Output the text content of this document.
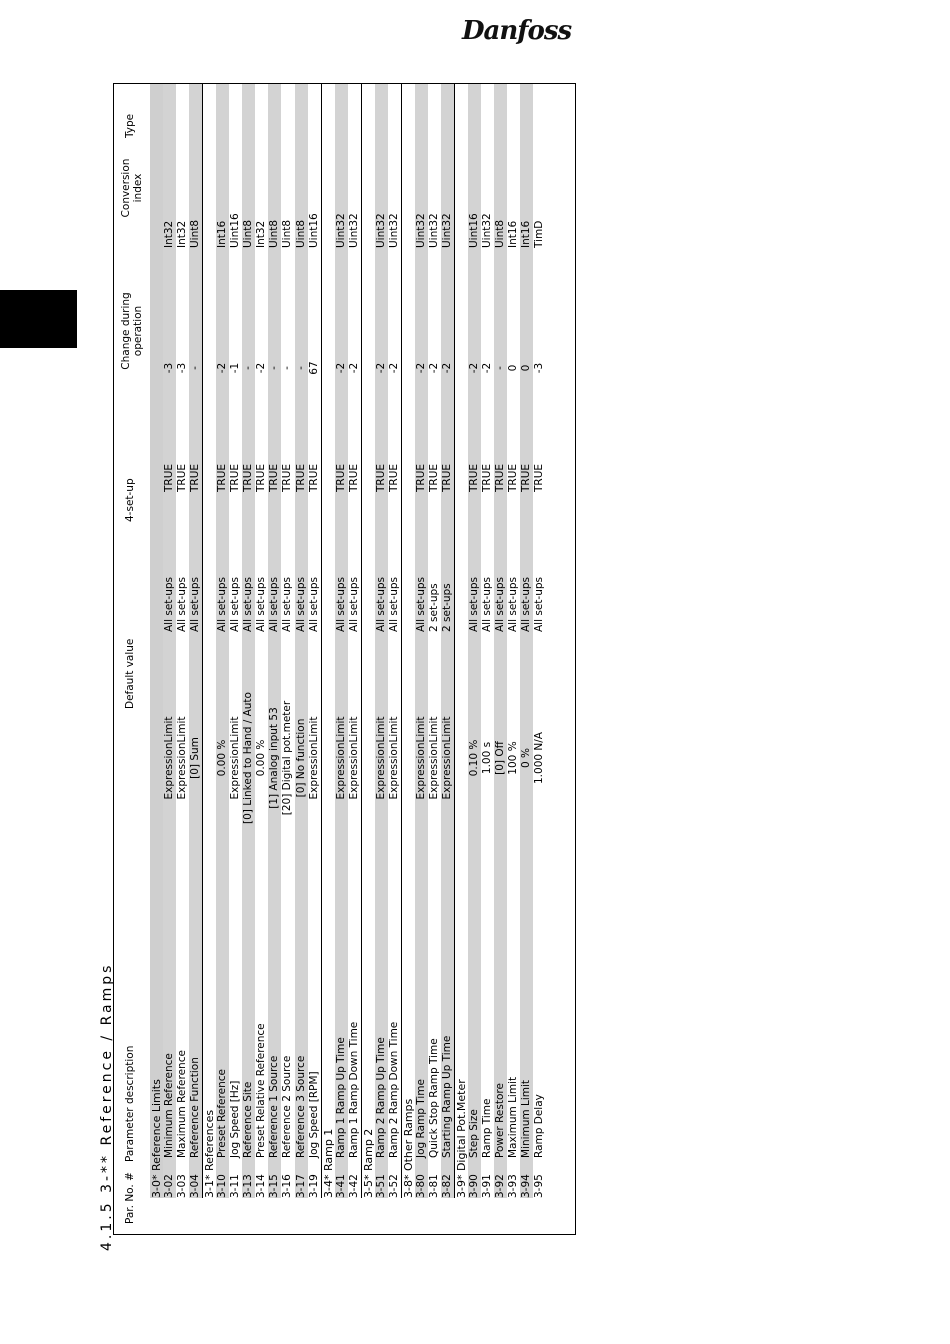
Danfoss
4.1.5 3-** Reference / Ramps Par. No. #
Parameter description
Default value
4-set-up
Change during operation
Conversion index
Type
3-0* Reference Limits 3-02
Minimum Reference
ExpressionLimit
All set-ups
TRUE
-3
Int32
3-03
Maximum Reference
ExpressionLimit
All set-ups
TRUE
-3
Int32
3-04
Reference Function
[0] Sum
All set-ups
TRUE
-
Uint8
3-1* References 3-10
Preset Reference
0.00 %
All set-ups
TRUE
-2
Int16
3-11
Jog Speed [Hz]
ExpressionLimit
All set-ups
TRUE
-1
Uint16
3-13
Reference Site
[0] Linked to Hand / Auto
All set-ups
TRUE
-
Uint8
3-14
Preset Relative Reference
0.00 %
All set-ups
TRUE
-2
Int32
3-15
Reference 1 Source
[1] Analog input 53
All set-ups
TRUE
-
Uint8
3-16
Reference 2 Source
[20] Digital pot.meter
All set-ups
TRUE
-
Uint8
3-17
Reference 3 Source
[0] No function
All set-ups
TRUE
-
Uint8
3-19
Jog Speed [RPM]
ExpressionLimit
All set-ups
TRUE
67
Uint16
3-4* Ramp 1 3-41
Ramp 1 Ramp Up Time
ExpressionLimit
All set-ups
TRUE
-2
Uint32
3-42
Ramp 1 Ramp Down Time
ExpressionLimit
All set-ups
TRUE
-2
Uint32
3-5* Ramp 2 3-51
Ramp 2 Ramp Up Time
ExpressionLimit
All set-ups
TRUE
-2
Uint32
3-52
Ramp 2 Ramp Down Time
ExpressionLimit
All set-ups
TRUE
-2
Uint32
3-8* Other Ramps 3-80
Jog Ramp Time
ExpressionLimit
All set-ups
TRUE
-2
Uint32
3-81
Quick Stop Ramp Time
ExpressionLimit
2 set-ups
TRUE
-2
Uint32
3-82
Starting Ramp Up Time
ExpressionLimit
2 set-ups
TRUE
-2
Uint32
3-9* Digital Pot.Meter 3-90
Step Size
0.10 %
All set-ups
TRUE
-2
Uint16
3-91
Ramp Time
1.00 s
All set-ups
TRUE
-2
Uint32
3-92
Power Restore
[0] Off
All set-ups
TRUE
-
Uint8
3-93
Maximum Limit
100 %
All set-ups
TRUE
0
Int16
3-94
Minimum Limit
0 %
All set-ups
TRUE
0
Int16
3-95
Ramp Delay
1.000 N/A
All set-ups
TRUE
-3
TimD
